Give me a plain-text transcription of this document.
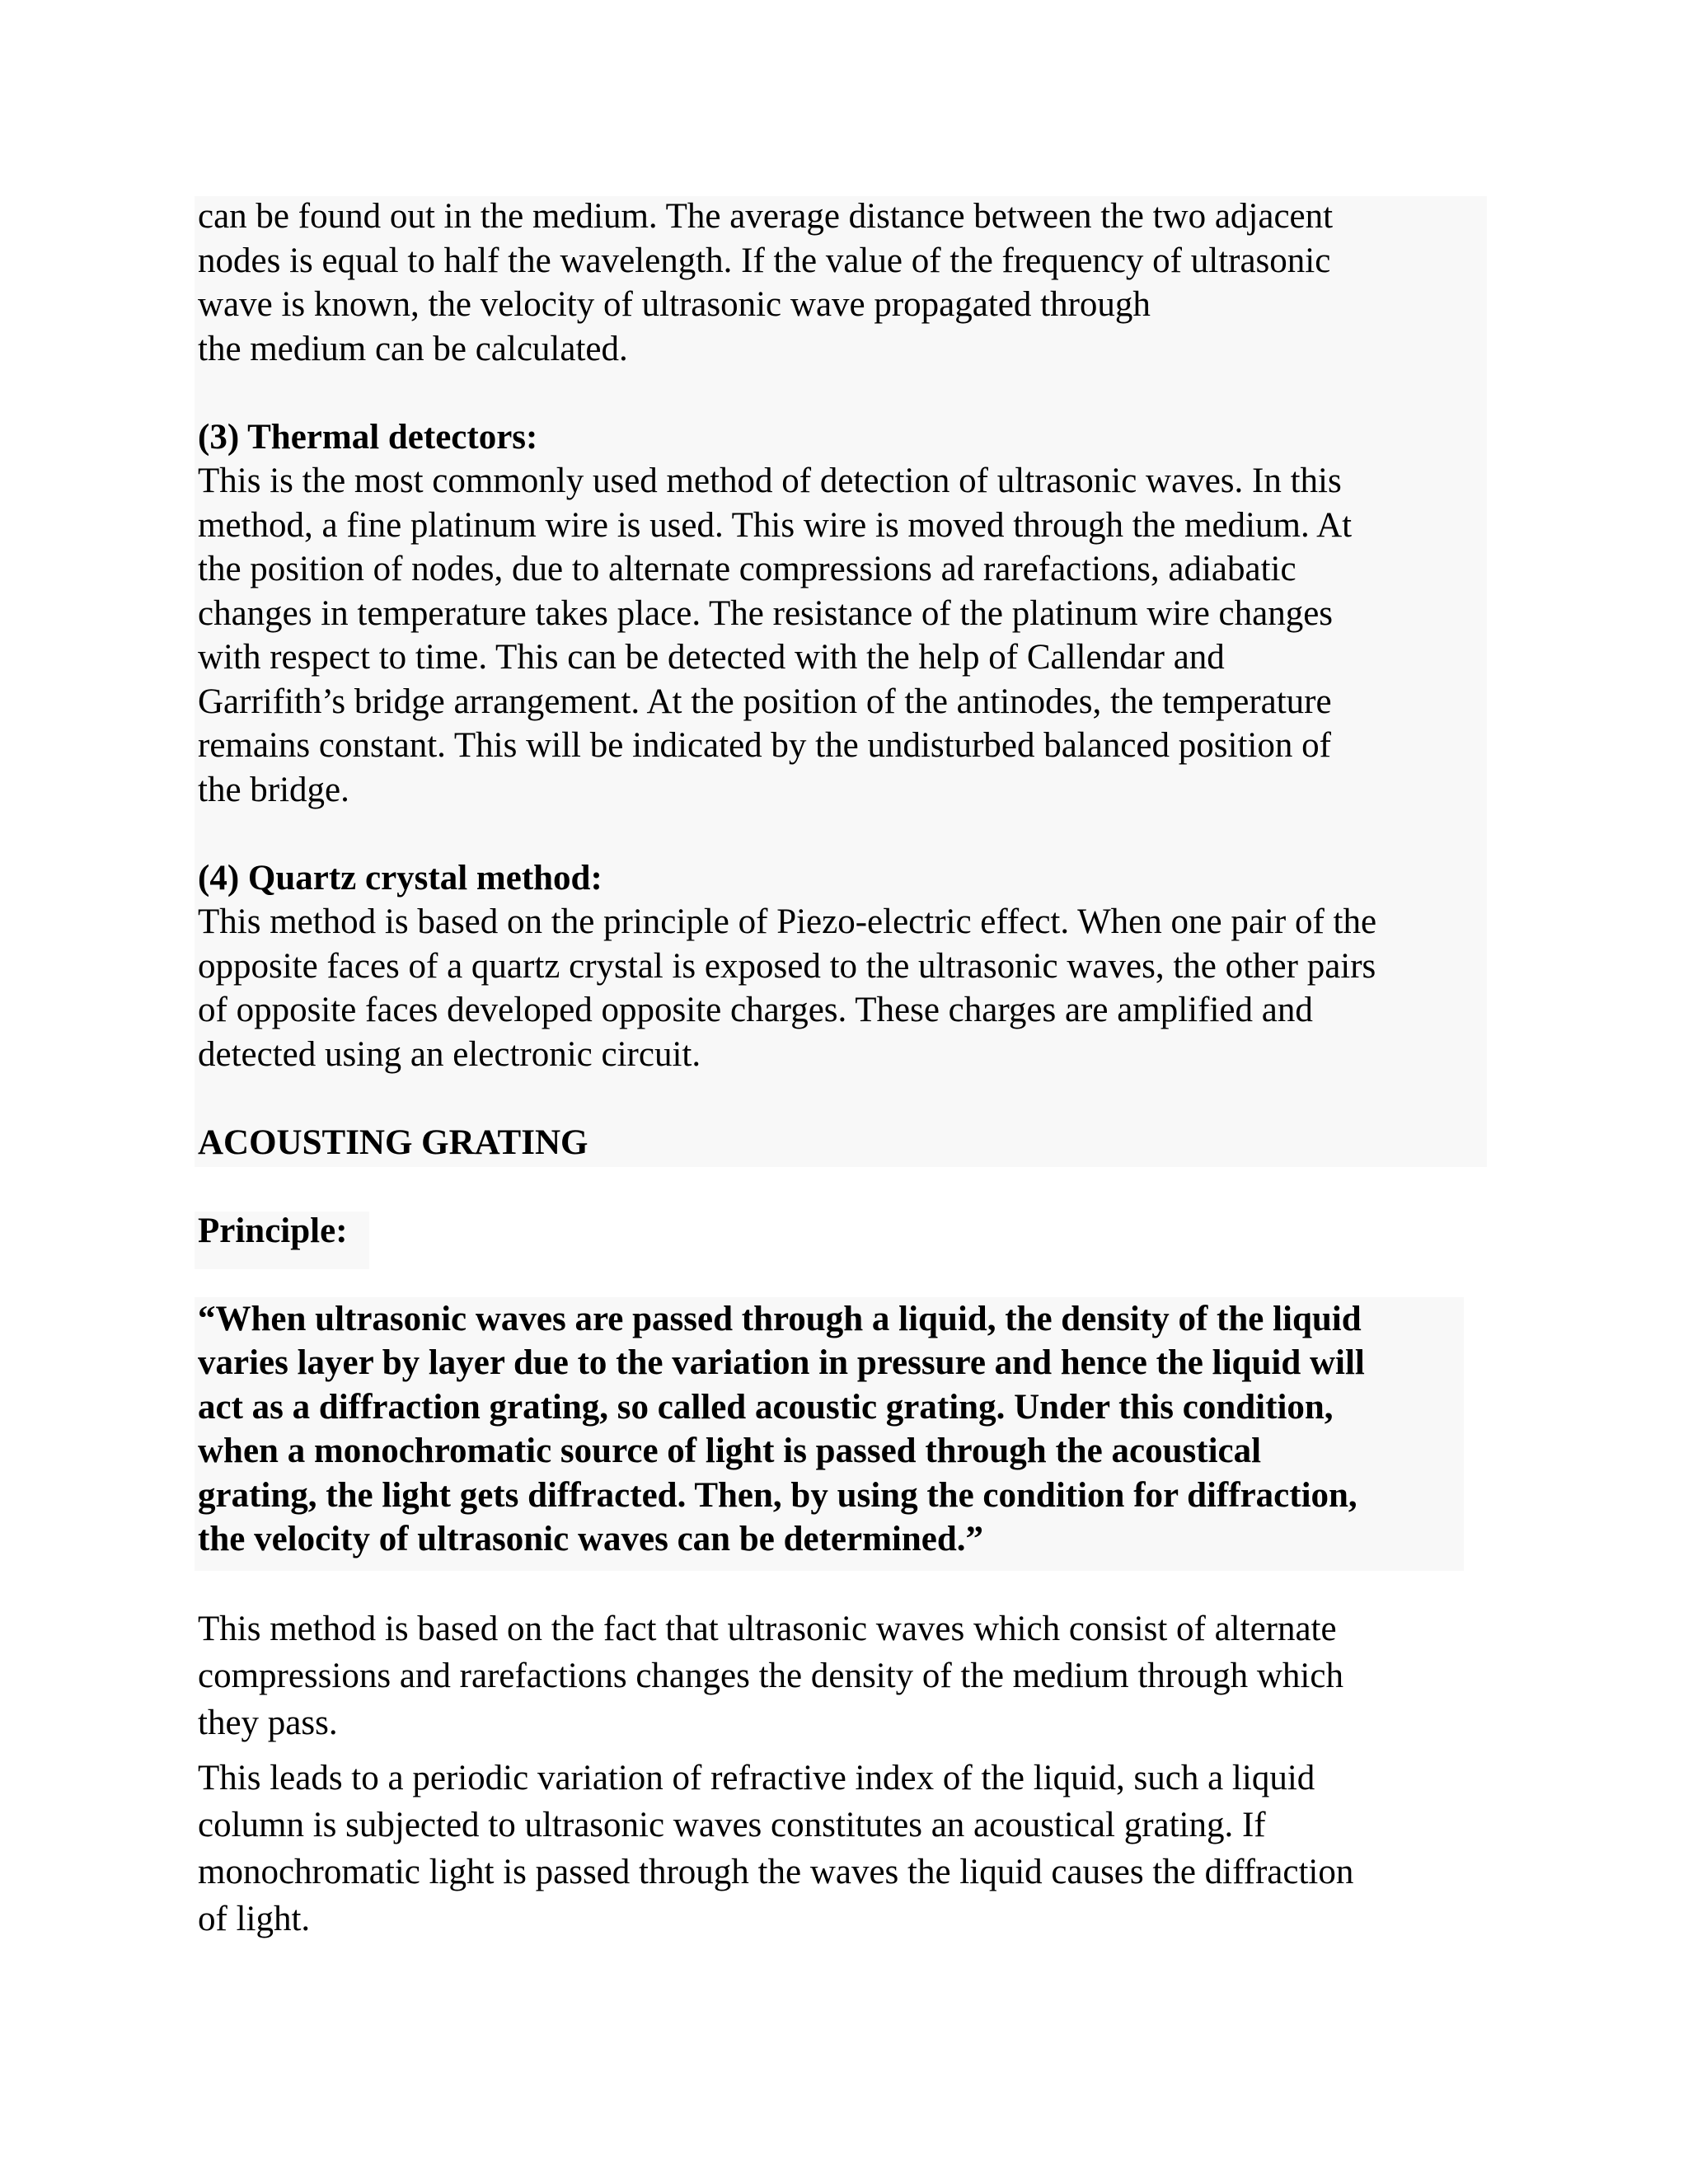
can be found out in the medium. The average distance between the two adjacent

nodes is equal to half the wavelength. If the value of the frequency of ultrasonic

wave is known, the velocity of ultrasonic wave propagated through

the medium can be calculated.

(3) Thermal detectors:

This is the most commonly used method of detection of ultrasonic waves. In this

method, a fine platinum wire is used. This wire is moved through the medium. At

the position of nodes, due to alternate compressions ad rarefactions, adiabatic

changes in temperature takes place. The resistance of the platinum wire changes

with respect to time. This can be detected with the help of Callendar and

Garrifith’s bridge arrangement. At the position of the antinodes, the temperature

remains constant. This will be indicated by the undisturbed balanced position of

the bridge.

(4) Quartz crystal method:

This method is based on the principle of Piezo-electric effect. When one pair of the

opposite faces of a quartz crystal is exposed to the ultrasonic waves, the other pairs

of opposite faces developed opposite charges. These charges are amplified and

detected using an electronic circuit.

ACOUSTING GRATING

Principle:

“When ultrasonic waves are passed through a liquid, the density of the liquid

varies layer by layer due to the variation in pressure and hence the liquid will

act as a diffraction grating, so called acoustic grating. Under this condition,

when a monochromatic source of light is passed through the acoustical

grating, the light gets diffracted. Then, by using the condition for diffraction,

the velocity of ultrasonic waves can be determined.”

This method is based on the fact that ultrasonic waves which consist of alternate

compressions and rarefactions changes the density of the medium through which

they pass.

This leads to a periodic variation of refractive index of the liquid, such a liquid

column is subjected to ultrasonic waves constitutes an acoustical grating. If

monochromatic light is passed through the waves the liquid causes the diffraction

of light.
